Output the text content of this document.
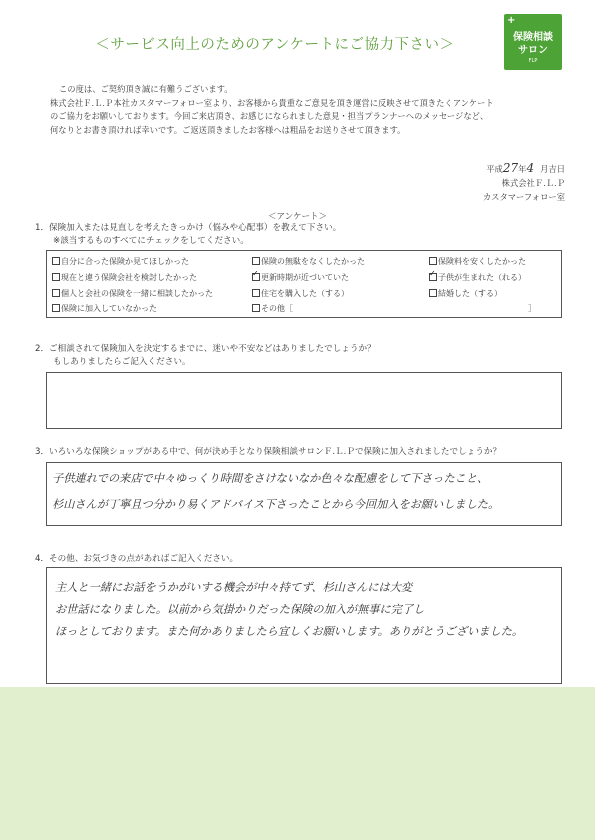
＜サービス向上のためのアンケートにご協力下さい＞
+
保険相談
サロン
FLP

この度は、ご契約頂き誠に有難うございます。

株式会社Ｆ.Ｌ.Ｐ本社カスタマーフォロー室より、お客様から貴重なご意見を頂き運営に反映させて頂きたくアンケート

のご協力をお願いしております。今回ご来店頂き、お感じになられました意見・担当プランナーへのメッセージなど、

何なりとお書き頂ければ幸いです。ご返送頂きましたお客様へは粗品をお送りさせて頂きます。

平成27年4 月吉日
株式会社Ｆ.Ｌ.Ｐ
カスタマーフォロー室
＜アンケート＞
1．保険加入または見直しを考えたきっかけ（悩みや心配事）を教えて下さい。
※該当するものすべてにチェックをしてください。
自分に合った保険か見てほしかった	保険の無駄をなくしたかった	保険料を安くしたかった
現在と違う保険会社を検討したかった	✓ 更新時期が近づいていた	✓ 子供が生まれた（れる）
個人と会社の保険を一緒に相談したかった	住宅を購入した（する）	結婚した（する）
保険に加入していなかった	その他［	］
2．ご相談されて保険加入を決定するまでに、迷いや不安などはありましたでしょうか？
もしありましたらご記入ください。
3．いろいろな保険ショップがある中で、何が決め手となり保険相談サロンＦ.Ｌ.Ｐで保険に加入されましたでしょうか？
子供連れでの来店で中々ゆっくり時間をさけないなか色々な配慮をして下さったこと、
杉山さんが丁寧且つ分かり易くアドバイス下さったことから今回加入をお願いしました。
4．その他、お気づきの点があればご記入ください。
主人と一緒にお話をうかがいする機会が中々持てず、杉山さんには大変
お世話になりました。以前から気掛かりだった保険の加入が無事に完了し
ほっとしております。また何かありましたら宜しくお願いします。ありがとうございました。
